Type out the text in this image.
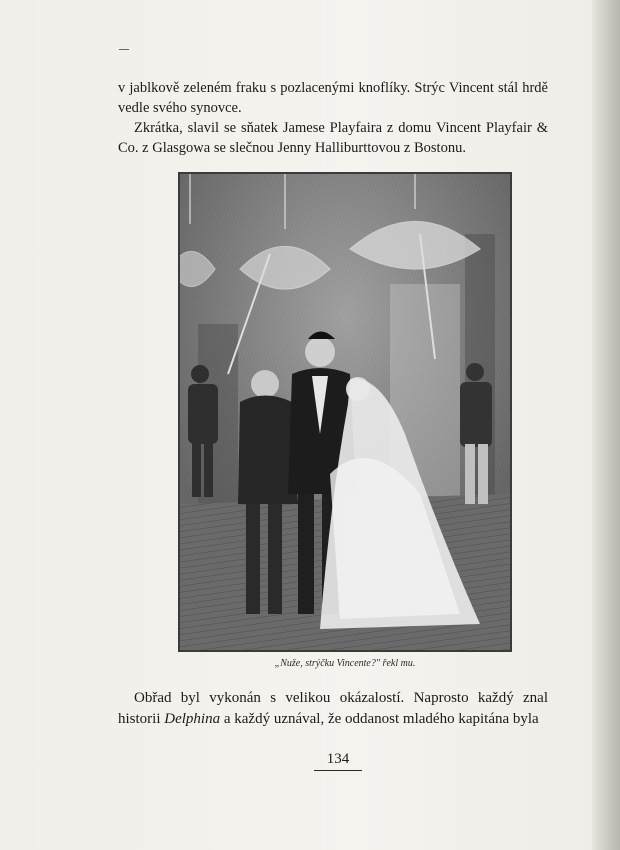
v jablkově zeleném fraku s pozlacenými knoflíky. Strýc Vincent stál hrdě vedle svého synovce.

Zkrátka, slavil se sňatek Jamese Playfaira z domu Vincent Playfair & Co. z Glasgowa se slečnou Jenny Halliburttovou z Bostonu.

„Nuže, strýčku Vincente?" řekl mu.

Obřad byl vykonán s velikou okázalostí. Naprosto každý znal historii Delphina a každý uznával, že oddanost mladého kapitána byla

134
